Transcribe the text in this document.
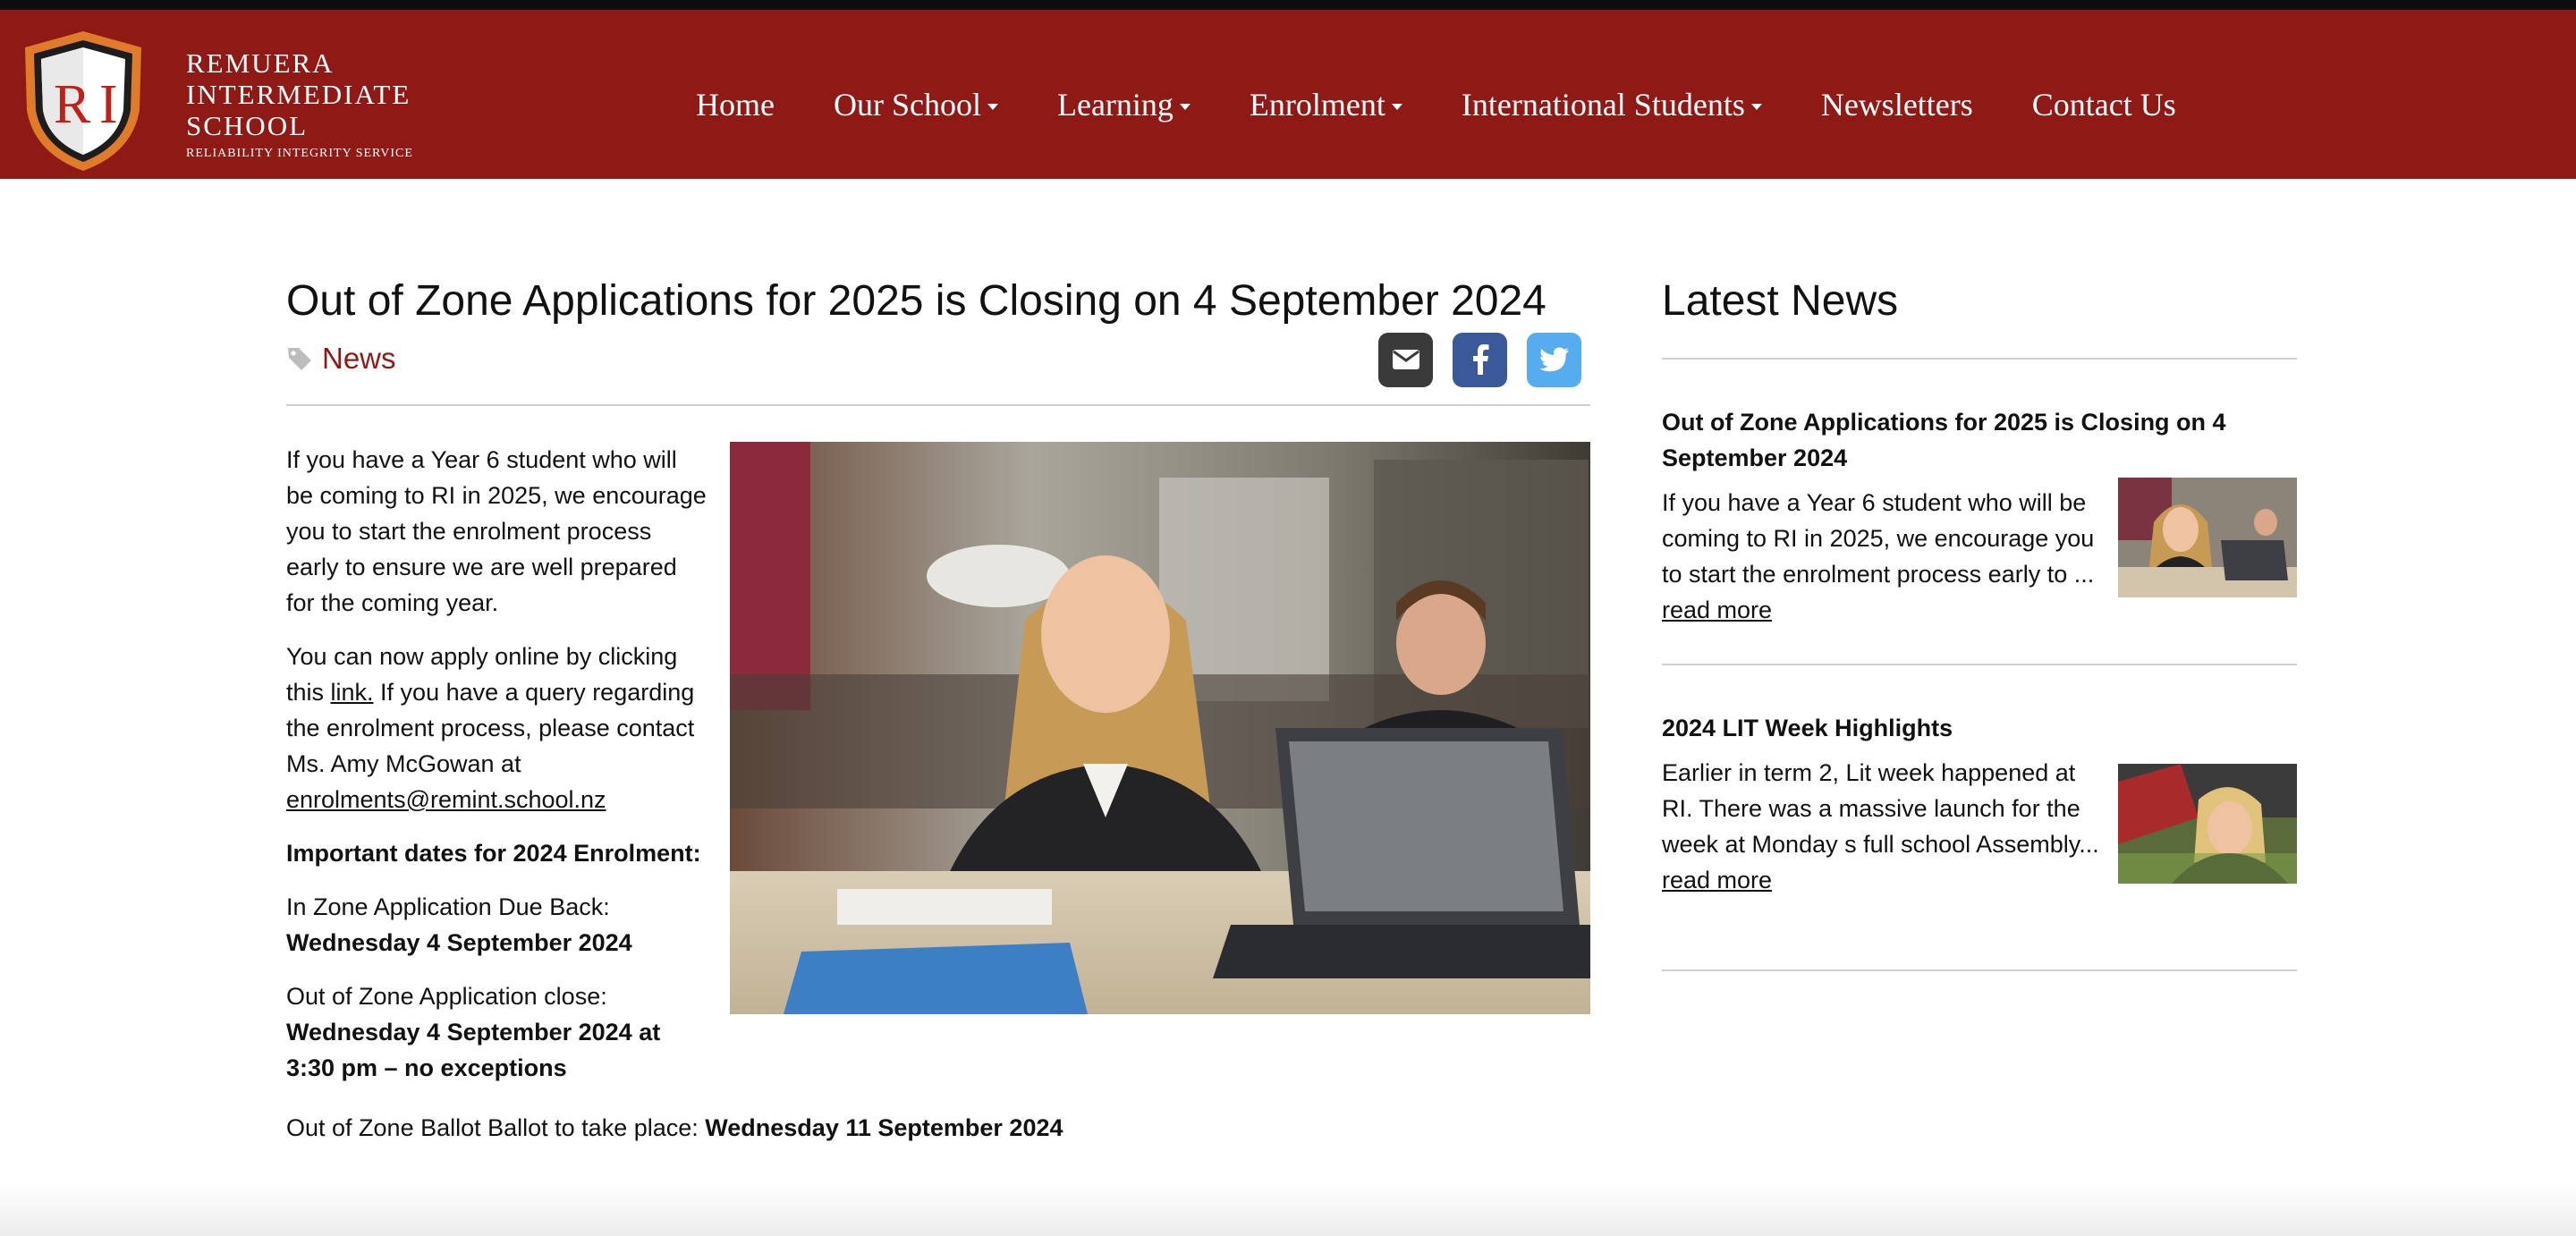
R I
REMUERA
INTERMEDIATE
SCHOOL
RELIABILITY INTEGRITY SERVICE
Home Our School Learning Enrolment International Students Newsletters Contact Us
Out of Zone Applications for 2025 is Closing on 4 September 2024
News

If you have a Year 6 student who will be coming to RI in 2025, we encourage you to start the enrolment process early to ensure we are well prepared for the coming year.

You can now apply online by clicking this link. If you have a query regarding the enrolment process, please contact Ms. Amy McGowan at enrolments@remint.school.nz

Important dates for 2024 Enrolment:

In Zone Application Due Back: Wednesday 4 September 2024

Out of Zone Application close: Wednesday 4 September 2024 at 3:30 pm – no exceptions

Out of Zone Ballot Ballot to take place: Wednesday 11 September 2024
Latest News
Out of Zone Applications for 2025 is Closing on 4 September 2024
If you have a Year 6 student who will be coming to RI in 2025, we encourage you to start the enrolment process early to ... read more
2024 LIT Week Highlights
Earlier in term 2, Lit week happened at RI. There was a massive launch for the week at Monday s full school Assembly... read more
